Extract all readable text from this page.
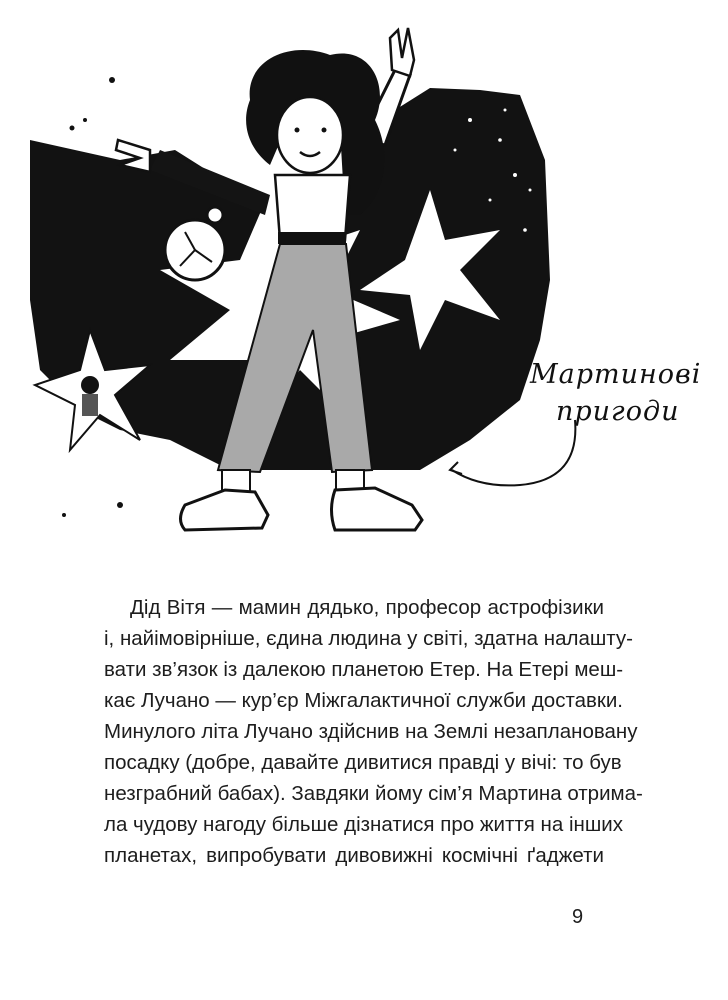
Мартинові
пригоди
Дід Вітя — мамин дядько, професор астрофізики
і, найімовірніше, єдина людина у світі, здатна налашту-
вати зв’язок із далекою планетою Етер. На Етері меш-
кає Лучано — кур’єр Міжгалактичної служби доставки.
Минулого літа Лучано здійснив на Землі незаплановану
посадку (добре, давайте дивитися правді у вічі: то був
незграбний бабах). Завдяки йому сім’я Мартина отрима-
ла чудову нагоду більше дізнатися про життя на інших
планетах, випробувати дивовижні космічні ґаджети
9
